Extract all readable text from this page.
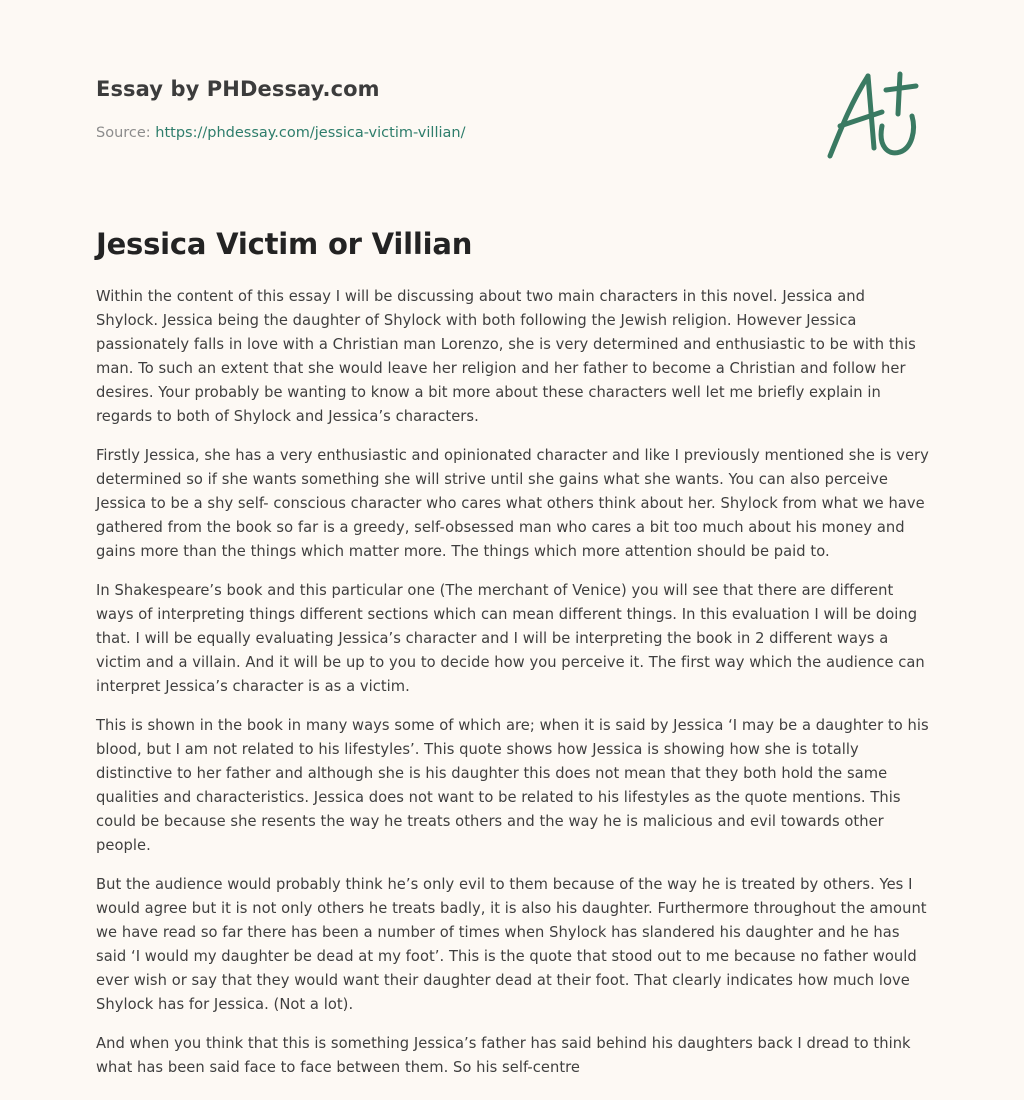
Essay by PHDessay.com
Source: https://phdessay.com/jessica-victim-villian/
Jessica Victim or Villian

Within the content of this essay I will be discussing about two main characters in this novel. Jessica and Shylock. Jessica being the daughter of Shylock with both following the Jewish religion. However Jessica passionately falls in love with a Christian man Lorenzo, she is very determined and enthusiastic to be with this man. To such an extent that she would leave her religion and her father to become a Christian and follow her desires. Your probably be wanting to know a bit more about these characters well let me briefly explain in regards to both of Shylock and Jessica’s characters.

Firstly Jessica, she has a very enthusiastic and opinionated character and like I previously mentioned she is very determined so if she wants something she will strive until she gains what she wants. You can also perceive Jessica to be a shy self- conscious character who cares what others think about her. Shylock from what we have gathered from the book so far is a greedy, self-obsessed man who cares a bit too much about his money and gains more than the things which matter more. The things which more attention should be paid to.

In Shakespeare’s book and this particular one (The merchant of Venice) you will see that there are different ways of interpreting things different sections which can mean different things. In this evaluation I will be doing that. I will be equally evaluating Jessica’s character and I will be interpreting the book in 2 different ways a victim and a villain. And it will be up to you to decide how you perceive it. The first way which the audience can interpret Jessica’s character is as a victim.

This is shown in the book in many ways some of which are; when it is said by Jessica ‘I may be a daughter to his blood, but I am not related to his lifestyles’. This quote shows how Jessica is showing how she is totally distinctive to her father and although she is his daughter this does not mean that they both hold the same qualities and characteristics. Jessica does not want to be related to his lifestyles as the quote mentions. This could be because she resents the way he treats others and the way he is malicious and evil towards other people.

But the audience would probably think he’s only evil to them because of the way he is treated by others. Yes I would agree but it is not only others he treats badly, it is also his daughter. Furthermore throughout the amount we have read so far there has been a number of times when Shylock has slandered his daughter and he has said ‘I would my daughter be dead at my foot’. This is the quote that stood out to me because no father would ever wish or say that they would want their daughter dead at their foot. That clearly indicates how much love Shylock has for Jessica. (Not a lot).

And when you think that this is something Jessica’s father has said behind his daughters back I dread to think what has been said face to face between them. So his self-centre
